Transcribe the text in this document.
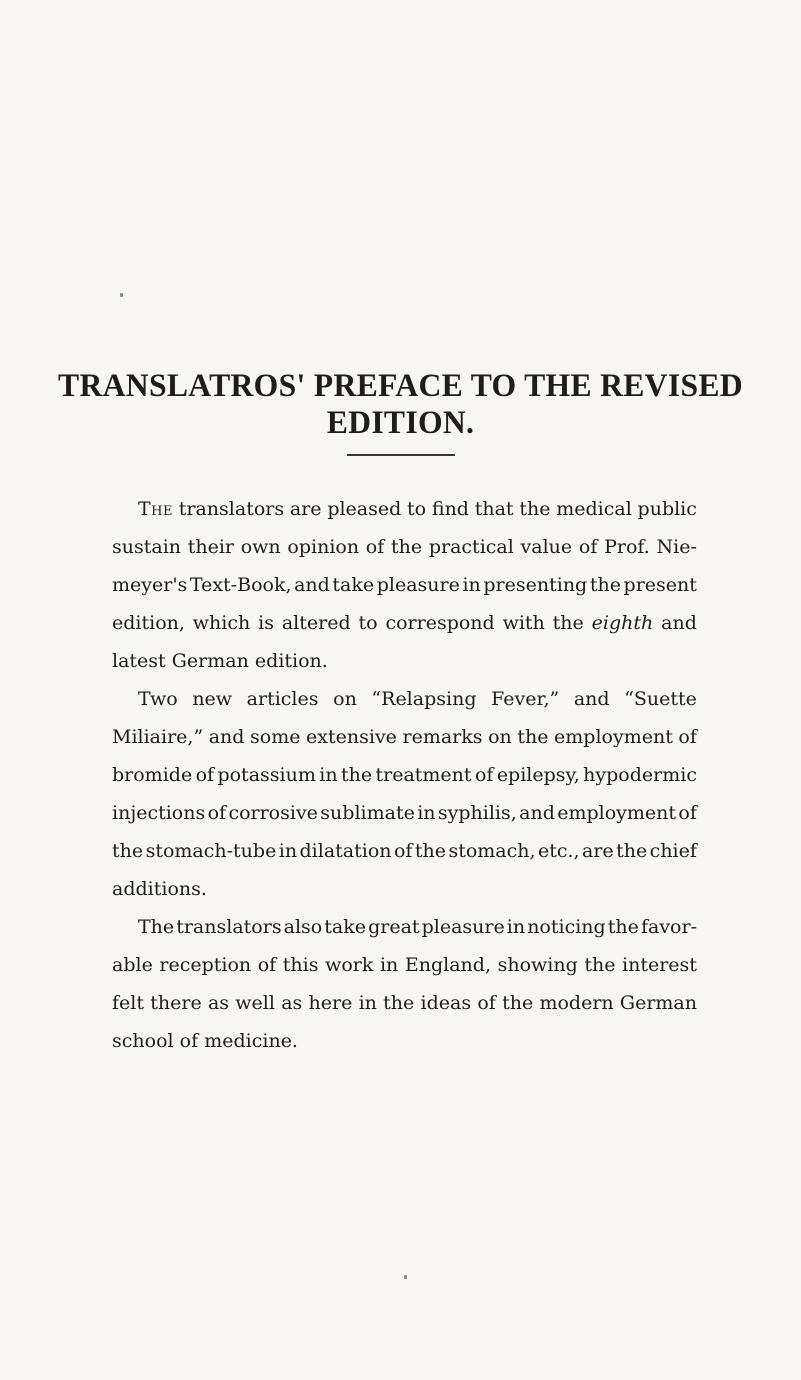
TRANSLATROS' PREFACE TO THE REVISED EDITION.
The translators are pleased to find that the medical public
sustain their own opinion of the practical value of Prof. Nie-
meyer's Text-Book, and take pleasure in presenting the present
edition, which is altered to correspond with the eighth and
latest German edition.
Two new articles on “Relapsing Fever,” and “Suette
Miliaire,” and some extensive remarks on the employment of
bromide of potassium in the treatment of epilepsy, hypodermic
injections of corrosive sublimate in syphilis, and employment of
the stomach-tube in dilatation of the stomach, etc., are the chief
additions.
The translators also take great pleasure in noticing the favor-
able reception of this work in England, showing the interest
felt there as well as here in the ideas of the modern German
school of medicine.
